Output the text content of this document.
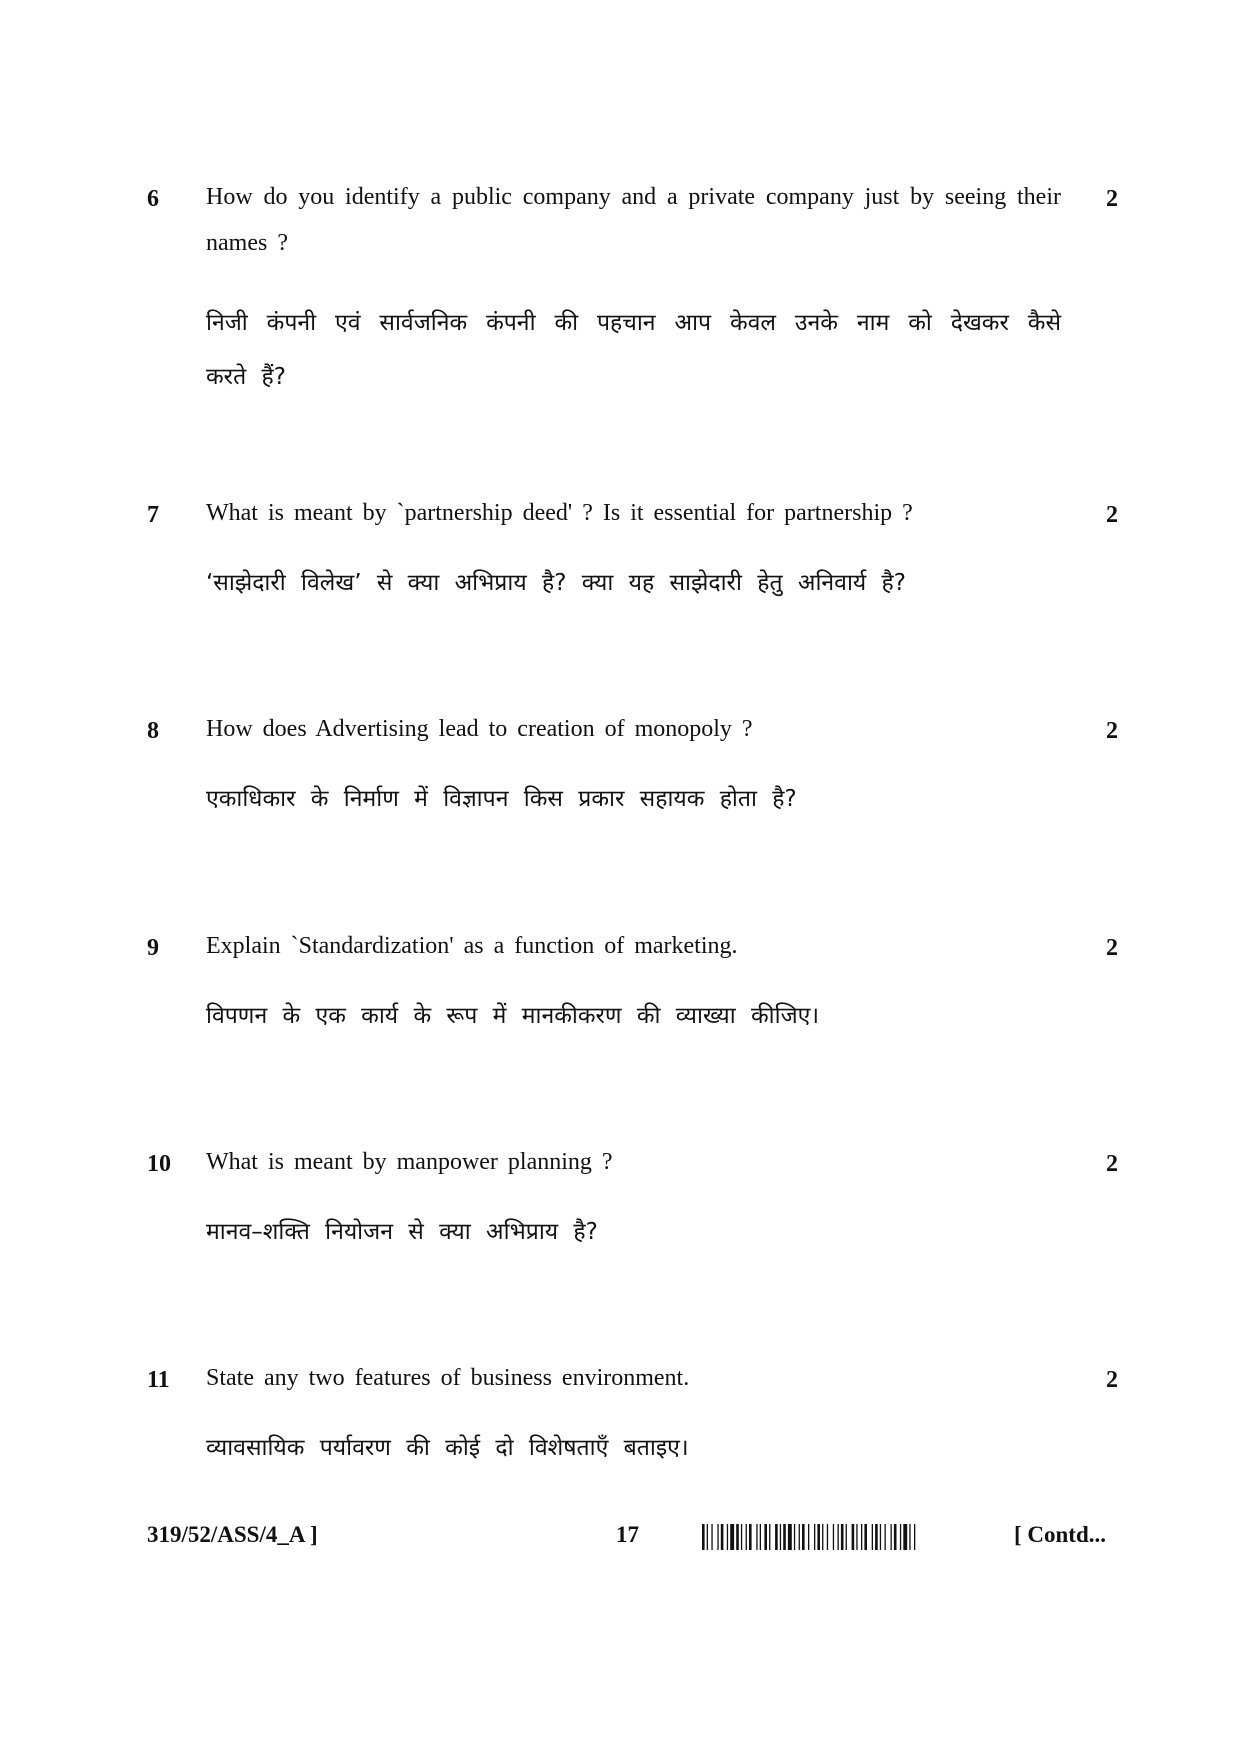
6 How do you identify a public company and a private company just by seeing their names ?
2
निजी कंपनी एवं सार्वजनिक कंपनी की पहचान आप केवल उनके नाम को देखकर कैसे करते हैं?
7 What is meant by `partnership deed' ? Is it essential for partnership ?	2
‘साझेदारी विलेख’ से क्या अभिप्राय है? क्या यह साझेदारी हेतु अनिवार्य है?
8 How does Advertising lead to creation of monopoly ?	2
एकाधिकार के निर्माण में विज्ञापन किस प्रकार सहायक होता है?
9 Explain `Standardization' as a function of marketing.	2
विपणन के एक कार्य के रूप में मानकीकरण की व्याख्या कीजिए।
10 What is meant by manpower planning ?	2
मानव–शक्ति नियोजन से क्या अभिप्राय है?
11 State any two features of business environment.	2
व्यावसायिक पर्यावरण की कोई दो विशेषताएँ बताइए।
319/52/ASS/4_A ]	17	[ Contd...
